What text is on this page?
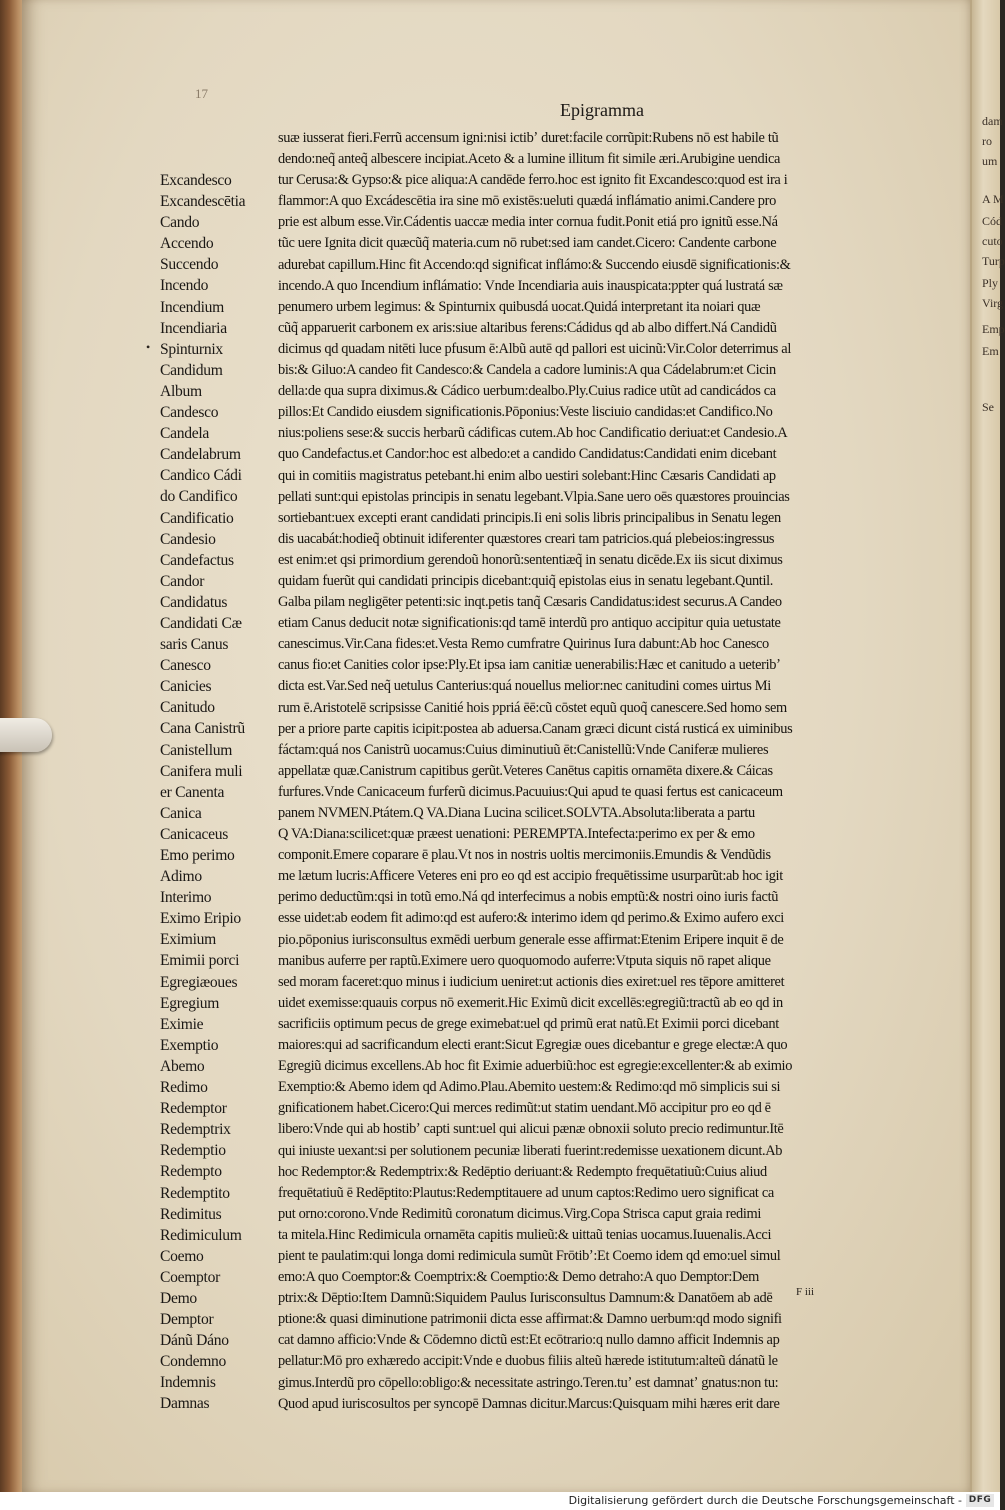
dam
ro
um
A M
Cód
cuto
Turp
Ply
Virg
Emp
Em
Se
17
Epigramma
•
Excandesco
Excandescētia
Cando
Accendo
Succendo
Incendo
Incendium
Incendiaria
Spinturnix
Candidum
Album
Candesco
Candela
Candelabrum
Candico Cádi
do Candifico
Candificatio
Candesio
Candefactus
Candor
Candidatus
Candidati Cæ
saris Canus
Canesco
Canicies
Canitudo
Cana Canistrũ
Canistellum
Canifera muli
er Canenta
Canica
Canicaceus
Emo perimo
Adimo
Interimo
Eximo Eripio
Eximium
Emimii porci
Egregiæoues
Egregium
Eximie
Exemptio
Abemo
Redimo
Redemptor
Redemptrix
Redemptio
Redempto
Redemptito
Redimitus
Redimiculum
Coemo
Coemptor
Demo
Demptor
Dánũ Dáno
Condemno
Indemnis
Damnas
suæ iusserat fieri.Ferrũ accensum igni:nisi ictibʼ duret:facile corrũpit:Rubens nō est habile tũ
dendo:neq̃ anteq̃ albescere incipiat.Aceto & a lumine illitum fit simile æri.Arubigine uendica
tur Cerusa:& Gypso:& pice aliqua:A candēde ferro.hoc est ignito fit Excandesco:quod est ira i
flammor:A quo Excádescētia ira sine mō existēs:ueluti quædá inflámatio animi.Candere pro
prie est album esse.Vir.Cádentis uaccæ media inter cornua fudit.Ponit etiá pro ignitũ esse.Ná
tũc uere Ignita dicit quæcũq̃ materia.cum nō rubet:sed iam candet.Cicero: Candente carbone
adurebat capillum.Hinc fit Accendo:qd significat inflámo:& Succendo eiusdē significationis:&
incendo.A quo Incendium inflámatio: Vnde Incendiaria auis inauspicata:ƿpter quá lustratá sæ
penumero urbem legimus: & Spinturnix quibusdá uocat.Quidá interpretant ita noiari quæ
cũq̃ apparuerit carbonem ex aris:siue altaribus ferens:Cádidus qd ab albo differt.Ná Candidũ
dicimus qd quadam nitēti luce pfusum ē:Albũ autē qd pallori est uicinũ:Vir.Color deterrimus al
bis:& Giluo:A candeo fit Candesco:& Candela a cadore luminis:A qua Cádelabrum:et Cicin
della:de qua supra diximus.& Cádico uerbum:dealbo.Ply.Cuius radice utũt ad candicádos ca
pillos:Et Candido eiusdem significationis.Pōponius:Veste lisciuio candidas:et Candifico.No
nius:poliens sese:& succis herbarũ cádificas cutem.Ab hoc Candificatio deriuat:et Candesio.A
quo Candefactus.et Candor:hoc est albedo:et a candido Candidatus:Candidati enim dicebant
qui in comitiis magistratus petebant.hi enim albo uestiri solebant:Hinc Cæsaris Candidati ap
pellati sunt:qui epistolas principis in senatu legebant.Vlpia.Sane uero oēs quæstores prouincias
sortiebant:uex excepti erant candidati principis.Ii eni solis libris principalibus in Senatu legen
dis uacabát:hodieq̃ obtinuit idiferenter quæstores creari tam patricios.quá plebeios:ingressus
est enim:et qsi primordium gerendoũ honorũ:sententiæq̃ in senatu dicēde.Ex iis sicut diximus
quidam fuerũt qui candidati principis dicebant:quiq̃ epistolas eius in senatu legebant.Quntil.
Galba pilam negligēter petenti:sic inqt.petis tanq̃ Cæsaris Candidatus:idest securus.A Candeo
etiam Canus deducit notæ significationis:qd tamē interdũ pro antiquo accipitur quia uetustate
canescimus.Vir.Cana fides:et.Vesta Remo cumfratre Quirinus Iura dabunt:Ab hoc Canesco
canus fio:et Canities color ipse:Ply.Et ipsa iam canitiæ uenerabilis:Hæc et canitudo a ueteribʼ
dicta est.Var.Sed neq̃ uetulus Canterius:quá nouellus melior:nec canitudini comes uirtus Mi
rum ē.Aristotelē scripsisse Canitié hois ƿpriá ēē:cũ cōstet equũ quoq̃ canescere.Sed homo sem
per a priore parte capitis icipit:postea ab aduersa.Canam græci dicunt cistá rusticá ex uiminibus
fáctam:quá nos Canistrũ uocamus:Cuius diminutiuũ ēt:Canistellũ:Vnde Caniferæ mulieres
appellatæ quæ.Canistrum capitibus gerũt.Veteres Canētus capitis ornamēta dixere.& Cáicas
furfures.Vnde Canicaceum furferũ dicimus.Pacuuius:Qui apud te quasi fertus est canicaceum
panem NVMEN.Ptátem.Q VA.Diana Lucina scilicet.SOLVTA.Absoluta:liberata a partu
Q VA:Diana:scilicet:quæ præest uenationi: PEREMPTA.Intefecta:perimo ex per & emo
componit.Emere coparare ē plau.Vt nos in nostris uoltis mercimoniis.Emundis & Vendũdis
me lætum lucris:Afficere Veteres eni pro eo qd est accipio frequētissime usurparũt:ab hoc igit
perimo deductũm:qsi in totũ emo.Ná qd interfecimus a nobis emptũ:& nostri oino iuris factũ
esse uidet:ab eodem fit adimo:qd est aufero:& interimo idem qd perimo.& Eximo aufero exci
pio.pōponius iurisconsultus exmēdi uerbum generale esse affirmat:Etenim Eripere inquit ē de
manibus auferre per raptũ.Eximere uero quoquomodo auferre:Vtputa siquis nō rapet alique
sed moram faceret:quo minus i iudicium ueniret:ut actionis dies exiret:uel res tēpore amitteret
uidet exemisse:quauis corpus nō exemerit.Hic Eximũ dicit excellēs:egregiũ:tractũ ab eo qd in
sacrificiis optimum pecus de grege eximebat:uel qd primũ erat natũ.Et Eximii porci dicebant
maiores:qui ad sacrificandum electi erant:Sicut Egregiæ oues dicebantur e grege electæ:A quo
Egregiũ dicimus excellens.Ab hoc fit Eximie aduerbiũ:hoc est egregie:excellenter:& ab eximio
Exemptio:& Abemo idem qd Adimo.Plau.Abemito uestem:& Redimo:qd mō simplicis sui si
gnificationem habet.Cicero:Qui merces redimũt:ut statim uendant.Mō accipitur pro eo qd ē
libero:Vnde qui ab hostibʼ capti sunt:uel qui alicui pænæ obnoxii soluto precio redimuntur.Itē
qui iniuste uexant:si per solutionem pecuniæ liberati fuerint:redemisse uexationem dicunt.Ab
hoc Redemptor:& Redemptrix:& Redēptio deriuant:& Redempto frequētatiuũ:Cuius aliud
frequētatiuũ ē Redēptito:Plautus:Redemptitauere ad unum captos:Redimo uero significat ca
put orno:corono.Vnde Redimitũ coronatum dicimus.Virg.Copa Strisca caput graia redimi
ta mitela.Hinc Redimicula ornamēta capitis mulieũ:& uittaũ tenias uocamus.Iuuenalis.Acci
pient te paulatim:qui longa domi redimicula sumũt Frōtibʼ:Et Coemo idem qd emo:uel simul
emo:A quo Coemptor:& Coemptrix:& Coemptio:& Demo detraho:A quo Demptor:Dem
ptrix:& Dēptio:Item Damnũ:Siquidem Paulus Iurisconsultus Damnum:& Danatōem ab adē
ptione:& quasi diminutione patrimonii dicta esse affirmat:& Damno uerbum:qd modo signifi
cat damno afficio:Vnde & Cōdemno dictũ est:Et ecōtrario:q nullo damno afficit Indemnis ap
pellatur:Mō pro exhæredo accipit:Vnde e duobus filiis alteũ hærede istitutum:alteũ dánatũ le
gimus.Interdũ pro cōpello:obligo:& necessitate astringo.Teren.tuʼ est damnatʼ gnatus:non tu:
Quod apud iuriscosultos per syncopē Damnas dicitur.Marcus:Quisquam mihi hæres erit dare
F iii
Digitalisierung gefördert durch die Deutsche Forschungsgemeinschaft - DFG
